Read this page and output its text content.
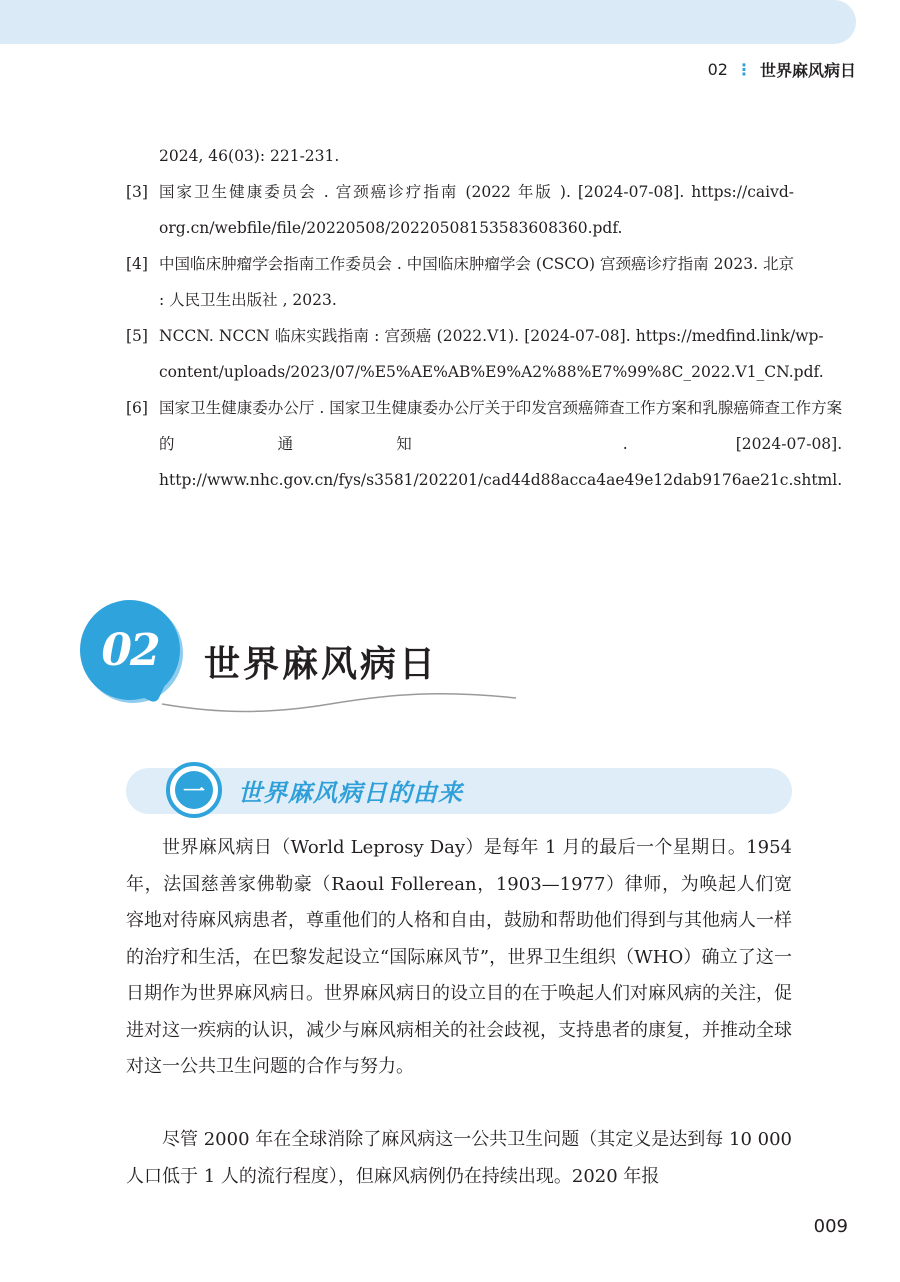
02 ⋮ 世界麻风病日
2024, 46(03): 221-231.
[3] 国家卫生健康委员会 . 宫颈癌诊疗指南 (2022 年版 ). [2024-07-08]. https://caivd-org.cn/webfile/file/20220508/20220508153583608360.pdf.
[4] 中国临床肿瘤学会指南工作委员会 . 中国临床肿瘤学会 (CSCO) 宫颈癌诊疗指南 2023. 北京 : 人民卫生出版社 , 2023.
[5] NCCN. NCCN 临床实践指南 : 宫颈癌 (2022.V1). [2024-07-08]. https://medfind.link/wp-content/uploads/2023/07/%E5%AE%AB%E9%A2%88%E7%99%8C_2022.V1_CN.pdf.
[6] 国家卫生健康委办公厅 . 国家卫生健康委办公厅关于印发宫颈癌筛查工作方案和乳腺癌筛查工作方案的通知 . [2024-07-08]. http://www.nhc.gov.cn/fys/s3581/202201/cad44d88acca4ae49e12dab9176ae21c.shtml.
02 世界麻风病日
一	世界麻风病日的由来

世界麻风病日（World Leprosy Day）是每年 1 月的最后一个星期日。1954 年，法国慈善家佛勒豪（Raoul Follerean，1903—1977）律师，为唤起人们宽容地对待麻风病患者，尊重他们的人格和自由，鼓励和帮助他们得到与其他病人一样的治疗和生活，在巴黎发起设立“国际麻风节”，世界卫生组织（WHO）确立了这一日期作为世界麻风病日。世界麻风病日的设立目的在于唤起人们对麻风病的关注，促进对这一疾病的认识，减少与麻风病相关的社会歧视，支持患者的康复，并推动全球对这一公共卫生问题的合作与努力。

尽管 2000 年在全球消除了麻风病这一公共卫生问题（其定义是达到每 10 000 人口低于 1 人的流行程度），但麻风病例仍在持续出现。2020 年报

009
